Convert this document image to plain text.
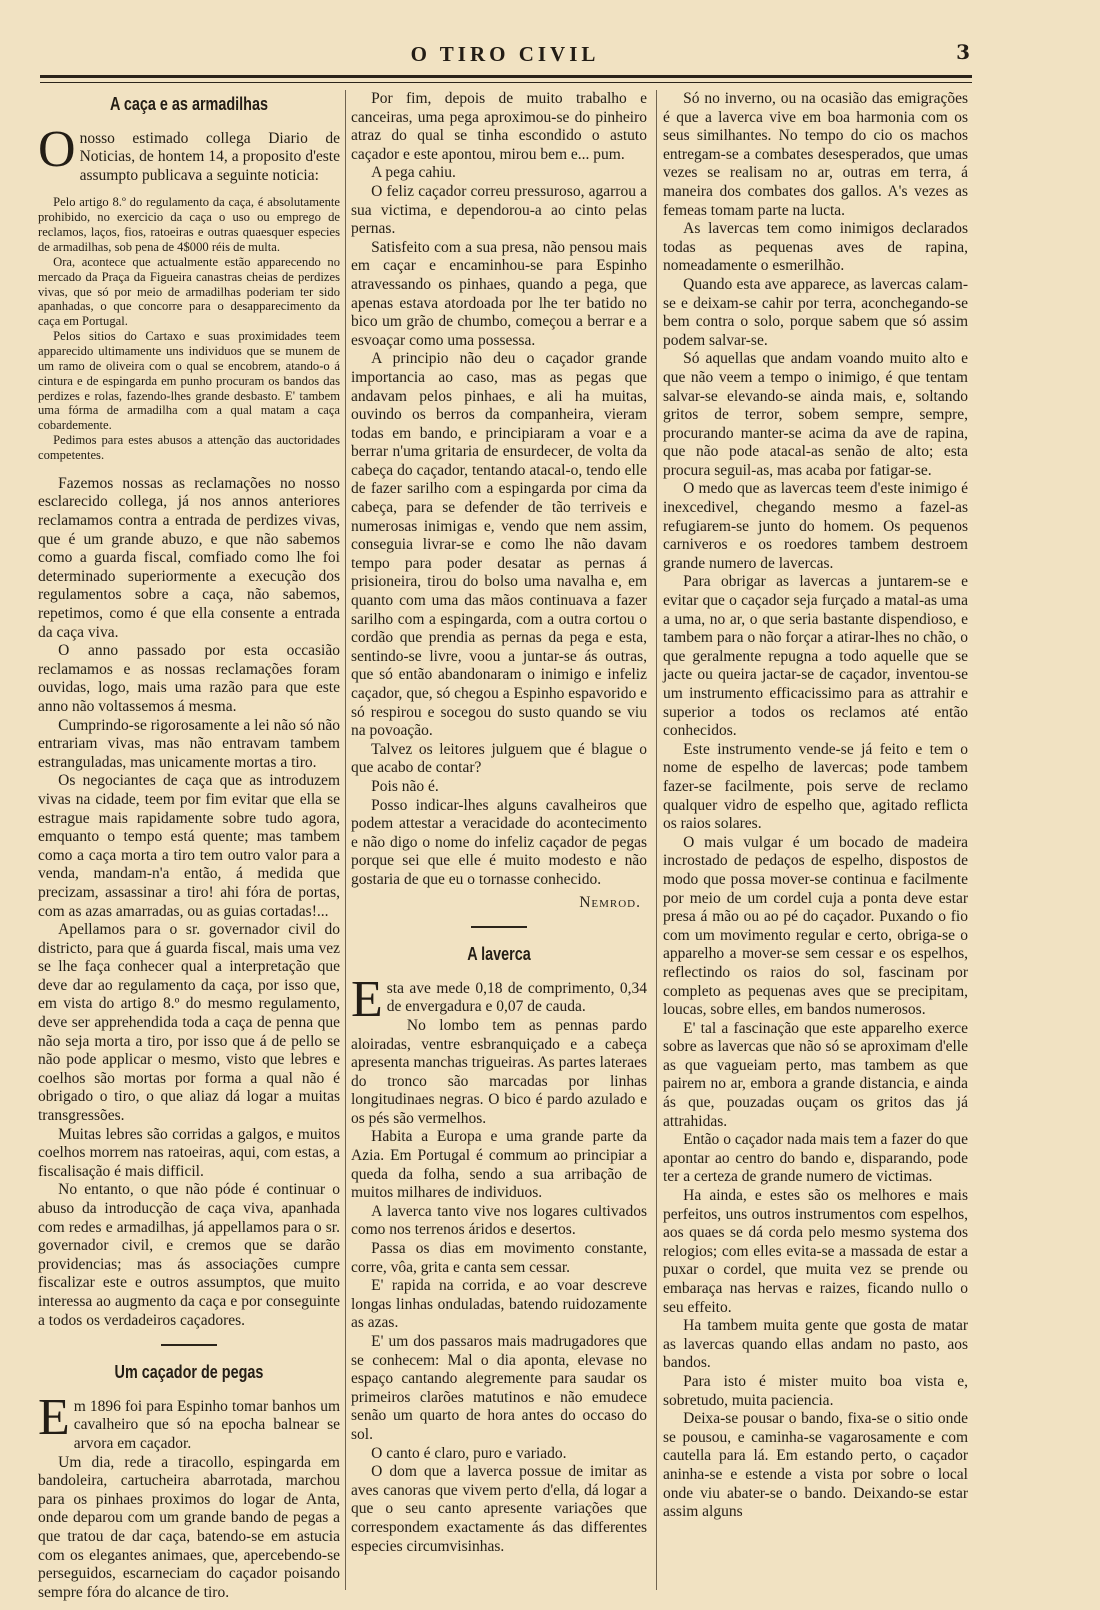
O TIRO CIVIL	3
A caça e as armadilhas

O nosso estimado collega Diario de Noticias, de hontem 14, a proposito d'este assumpto publicava a seguinte noticia:

Pelo artigo 8.º do regulamento da caça, é absolutamente prohibido, no exercicio da caça o uso ou emprego de reclamos, laços, fios, ratoeiras e outras quaesquer especies de armadilhas, sob pena de 4$000 réis de multa.

Ora, acontece que actualmente estão apparecendo no mercado da Praça da Figueira canastras cheias de perdizes vivas, que só por meio de armadilhas poderiam ter sido apanhadas, o que concorre para o desapparecimento da caça em Portugal.

Pelos sitios do Cartaxo e suas proximidades teem apparecido ultimamente uns individuos que se munem de um ramo de oliveira com o qual se encobrem, atando-o á cintura e de espingarda em punho procuram os bandos das perdizes e rolas, fazendo-lhes grande desbasto. E' tambem uma fórma de armadilha com a qual matam a caça cobardemente.

Pedimos para estes abusos a attenção das auctoridades competentes.

Fazemos nossas as reclamações no nosso esclarecido collega, já nos annos anteriores reclamamos contra a entrada de perdizes vivas, que é um grande abuzo, e que não sabemos como a guarda fiscal, comfiado como lhe foi determinado superiormente a execução dos regulamentos sobre a caça, não sabemos, repetimos, como é que ella consente a entrada da caça viva.

O anno passado por esta occasião reclamamos e as nossas reclamações foram ouvidas, logo, mais uma razão para que este anno não voltassemos á mesma.

Cumprindo-se rigorosamente a lei não só não entrariam vivas, mas não entravam tambem estranguladas, mas unicamente mortas a tiro.

Os negociantes de caça que as introduzem vivas na cidade, teem por fim evitar que ella se estrague mais rapidamente sobre tudo agora, emquanto o tempo está quente; mas tambem como a caça morta a tiro tem outro valor para a venda, mandam-n'a então, á medida que precizam, assassinar a tiro! ahi fóra de portas, com as azas amarradas, ou as guias cortadas!...

Apellamos para o sr. governador civil do districto, para que á guarda fiscal, mais uma vez se lhe faça conhecer qual a interpretação que deve dar ao regulamento da caça, por isso que, em vista do artigo 8.º do mesmo regulamento, deve ser apprehendida toda a caça de penna que não seja morta a tiro, por isso que á de pello se não pode applicar o mesmo, visto que lebres e coelhos são mortas por forma a qual não é obrigado o tiro, o que aliaz dá logar a muitas transgressões.

Muitas lebres são corridas a galgos, e muitos coelhos morrem nas ratoeiras, aqui, com estas, a fiscalisação é mais difficil.

No entanto, o que não póde é continuar o abuso da introducção de caça viva, apanhada com redes e armadilhas, já appellamos para o sr. governador civil, e cremos que se darão providencias; mas ás associações cumpre fiscalizar este e outros assumptos, que muito interessa ao augmento da caça e por conseguinte a todos os verdadeiros caçadores.

Um caçador de pegas

E m 1896 foi para Espinho tomar banhos um cavalheiro que só na epocha balnear se arvora em caçador.

Um dia, rede a tiracollo, espingarda em bandoleira, cartucheira abarrotada, marchou para os pinhaes proximos do logar de Anta, onde deparou com um grande bando de pegas a que tratou de dar caça, batendo-se em astucia com os elegantes animaes, que, apercebendo-se perseguidos, escarneciam do caçador poisando sempre fóra do alcance de tiro.

Por fim, depois de muito trabalho e canceiras, uma pega aproximou-se do pinheiro atraz do qual se tinha escondido o astuto caçador e este apontou, mirou bem e... pum.

A pega cahiu.

O feliz caçador correu pressuroso, agarrou a sua victima, e dependorou-a ao cinto pelas pernas.

Satisfeito com a sua presa, não pensou mais em caçar e encaminhou-se para Espinho atravessando os pinhaes, quando a pega, que apenas estava atordoada por lhe ter batido no bico um grão de chumbo, começou a berrar e a esvoaçar como uma possessa.

A principio não deu o caçador grande importancia ao caso, mas as pegas que andavam pelos pinhaes, e ali ha muitas, ouvindo os berros da companheira, vieram todas em bando, e principiaram a voar e a berrar n'uma gritaria de ensurdecer, de volta da cabeça do caçador, tentando atacal-o, tendo elle de fazer sarilho com a espingarda por cima da cabeça, para se defender de tão terriveis e numerosas inimigas e, vendo que nem assim, conseguia livrar-se e como lhe não davam tempo para poder desatar as pernas á prisioneira, tirou do bolso uma navalha e, em quanto com uma das mãos continuava a fazer sarilho com a espingarda, com a outra cortou o cordão que prendia as pernas da pega e esta, sentindo-se livre, voou a juntar-se ás outras, que só então abandonaram o inimigo e infeliz caçador, que, só chegou a Espinho espavorido e só respirou e socegou do susto quando se viu na povoação.

Talvez os leitores julguem que é blague o que acabo de contar?

Pois não é.

Posso indicar-lhes alguns cavalheiros que podem attestar a veracidade do acontecimento e não digo o nome do infeliz caçador de pegas porque sei que elle é muito modesto e não gostaria de que eu o tornasse conhecido.

Nemrod.
A laverca

E sta ave mede 0,18 de comprimento, 0,34 de envergadura e 0,07 de cauda.

No lombo tem as pennas pardo aloiradas, ventre esbranquiçado e a cabeça apresenta manchas trigueiras. As partes lateraes do tronco são marcadas por linhas longitudinaes negras. O bico é pardo azulado e os pés são vermelhos.

Habita a Europa e uma grande parte da Azia. Em Portugal é commum ao principiar a queda da folha, sendo a sua arribação de muitos milhares de individuos.

A laverca tanto vive nos logares cultivados como nos terrenos áridos e desertos.

Passa os dias em movimento constante, corre, vôa, grita e canta sem cessar.

E' rapida na corrida, e ao voar descreve longas linhas onduladas, batendo ruidozamente as azas.

E' um dos passaros mais madrugadores que se conhecem: Mal o dia aponta, elevase no espaço cantando alegremente para saudar os primeiros clarões matutinos e não emudece senão um quarto de hora antes do occaso do sol.

O canto é claro, puro e variado.

O dom que a laverca possue de imitar as aves canoras que vivem perto d'ella, dá logar a que o seu canto apresente variações que correspondem exactamente ás das differentes especies circumvisinhas.

Só no inverno, ou na ocasião das emigrações é que a laverca vive em boa harmonia com os seus similhantes. No tempo do cio os machos entregam-se a combates desesperados, que umas vezes se realisam no ar, outras em terra, á maneira dos combates dos gallos. A's vezes as femeas tomam parte na lucta.

As lavercas tem como inimigos declarados todas as pequenas aves de rapina, nomeadamente o esmerilhão.

Quando esta ave apparece, as lavercas calam-se e deixam-se cahir por terra, aconchegando-se bem contra o solo, porque sabem que só assim podem salvar-se.

Só aquellas que andam voando muito alto e que não veem a tempo o inimigo, é que tentam salvar-se elevando-se ainda mais, e, soltando gritos de terror, sobem sempre, sempre, procurando manter-se acima da ave de rapina, que não pode atacal-as senão de alto; esta procura seguil-as, mas acaba por fatigar-se.

O medo que as lavercas teem d'este inimigo é inexcedivel, chegando mesmo a fazel-as refugiarem-se junto do homem. Os pequenos carniveros e os roedores tambem destroem grande numero de lavercas.

Para obrigar as lavercas a juntarem-se e evitar que o caçador seja furçado a matal-as uma a uma, no ar, o que seria bastante dispendioso, e tambem para o não forçar a atirar-lhes no chão, o que geralmente repugna a todo aquelle que se jacte ou queira jactar-se de caçador, inventou-se um instrumento efficacissimo para as attrahir e superior a todos os reclamos até então conhecidos.

Este instrumento vende-se já feito e tem o nome de espelho de lavercas; pode tambem fazer-se facilmente, pois serve de reclamo qualquer vidro de espelho que, agitado reflicta os raios solares.

O mais vulgar é um bocado de madeira incrostado de pedaços de espelho, dispostos de modo que possa mover-se continua e facilmente por meio de um cordel cuja a ponta deve estar presa á mão ou ao pé do caçador. Puxando o fio com um movimento regular e certo, obriga-se o apparelho a mover-se sem cessar e os espelhos, reflectindo os raios do sol, fascinam por completo as pequenas aves que se precipitam, loucas, sobre elles, em bandos numerosos.

E' tal a fascinação que este apparelho exerce sobre as lavercas que não só se aproximam d'elle as que vagueiam perto, mas tambem as que pairem no ar, embora a grande distancia, e ainda ás que, pouzadas ouçam os gritos das já attrahidas.

Então o caçador nada mais tem a fazer do que apontar ao centro do bando e, disparando, pode ter a certeza de grande numero de victimas.

Ha ainda, e estes são os melhores e mais perfeitos, uns outros instrumentos com espelhos, aos quaes se dá corda pelo mesmo systema dos relogios; com elles evita-se a massada de estar a puxar o cordel, que muita vez se prende ou embaraça nas hervas e raizes, ficando nullo o seu effeito.

Ha tambem muita gente que gosta de matar as lavercas quando ellas andam no pasto, aos bandos.

Para isto é mister muito boa vista e, sobretudo, muita paciencia.

Deixa-se pousar o bando, fixa-se o sitio onde se pousou, e caminha-se vagarosamente e com cautella para lá. Em estando perto, o caçador aninha-se e estende a vista por sobre o local onde viu abater-se o bando. Deixando-se estar assim alguns
